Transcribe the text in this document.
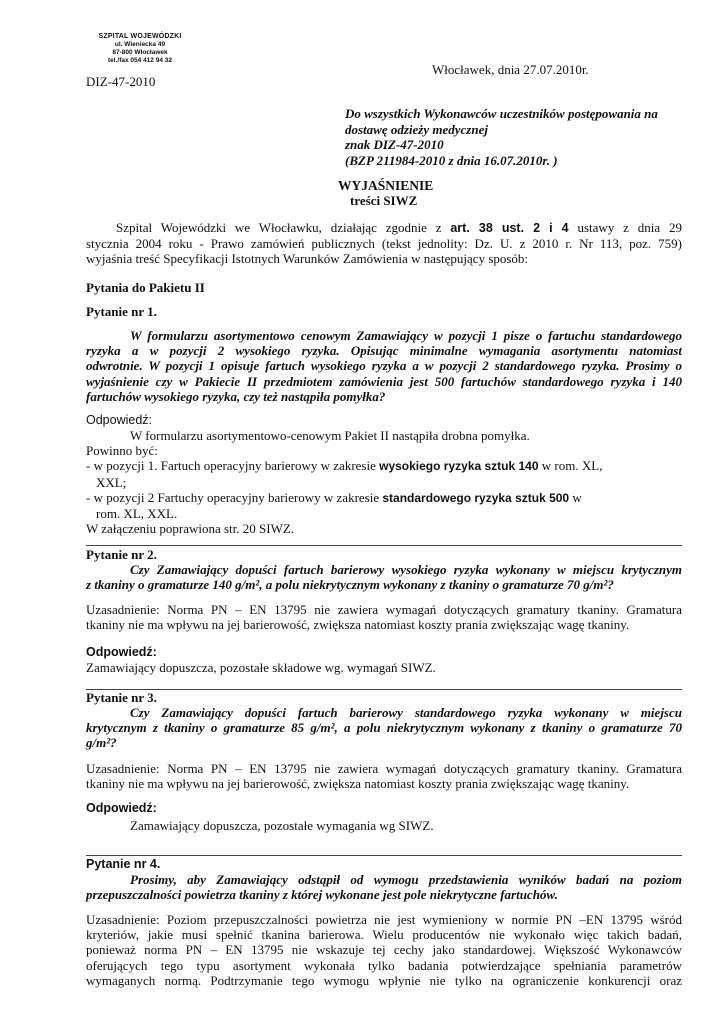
SZPITAL WOJEWÓDZKI
ul. Wienieckа 49
87-800 Włocławek
tel./fax 054 412 94 32
DIZ-47-2010
Włocławek, dnia 27.07.2010r.
Do wszystkich Wykonawców uczestników postępowania na
dostawę odzieży medycznej
znak DIZ-47-2010
(BZP 211984-2010 z dnia 16.07.2010r. )
WYJAŚNIENIE
treści SIWZ
Szpital Wojewódzki we Włocławku, działając zgodnie z art. 38 ust. 2 i 4 ustawy z dnia 29
stycznia 2004 roku - Prawo zamówień publicznych (tekst jednolity: Dz. U. z 2010 r. Nr 113, poz. 759)
wyjaśnia treść Specyfikacji Istotnych Warunków Zamówienia w następujący sposób:
Pytania do Pakietu II
Pytanie nr 1.
W formularzu asortymentowo cenowym Zamawiający w pozycji 1 pisze o fartuchu standardowego
ryzyka a w pozycji 2 wysokiego ryzyka. Opisując minimalne wymagania asortymentu natomiast
odwrotnie. W pozycji 1 opisuje fartuch wysokiego ryzyka a w pozycji 2 standardowego ryzyka. Prosimy o
wyjaśnienie czy w Pakiecie II przedmiotem zamówienia jest 500 fartuchów standardowego ryzyka i 140
fartuchów wysokiego ryzyka, czy też nastąpiła pomyłka?
Odpowiedź:
W formularzu asortymentowo-cenowym Pakiet II nastąpiła drobna pomyłka.
Powinno być:
- w pozycji 1. Fartuch operacyjny barierowy w zakresie wysokiego ryzyka sztuk 140 w rom. XL,
XXL;
- w pozycji 2 Fartuchy operacyjny barierowy w zakresie standardowego ryzyka sztuk 500 w
rom. XL, XXL.
W załączeniu poprawiona str. 20 SIWZ.
Pytanie nr 2.
Czy Zamawiający dopuści fartuch barierowy wysokiego ryzyka wykonany w miejscu krytycznym
z tkaniny o gramaturze 140 g/m², a polu niekrytycznym wykonany z tkaniny o gramaturze 70 g/m²?
Uzasadnienie: Norma PN – EN 13795 nie zawiera wymagań dotyczących gramatury tkaniny. Gramatura
tkaniny nie ma wpływu na jej barierowość, zwiększa natomiast koszty prania zwiększając wagę tkaniny.
Odpowiedź:
Zamawiający dopuszcza, pozostałe składowe wg. wymagań SIWZ.
Pytanie nr 3.
Czy Zamawiający dopuści fartuch barierowy standardowego ryzyka wykonany w miejscu
krytycznym z tkaniny o gramaturze 85 g/m², a polu niekrytycznym wykonany z tkaniny o gramaturze 70
g/m²?
Uzasadnienie: Norma PN – EN 13795 nie zawiera wymagań dotyczących gramatury tkaniny. Gramatura
tkaniny nie ma wpływu na jej barierowość, zwiększa natomiast koszty prania zwiększając wagę tkaniny.
Odpowiedź:
Zamawiający dopuszcza, pozostałe wymagania wg SIWZ.
Pytanie nr 4.
Prosimy, aby Zamawiający odstąpił od wymogu przedstawienia wyników badań na poziom
przepuszczalności powietrza tkaniny z której wykonane jest pole niekrytyczne fartuchów.
Uzasadnienie: Poziom przepuszczalności powietrza nie jest wymieniony w normie PN –EN 13795 wśród
kryteriów, jakie musi spełnić tkanina barierowa. Wielu producentów nie wykonało więc takich badań,
ponieważ norma PN – EN 13795 nie wskazuje tej cechy jako standardowej. Większość Wykonawców
oferujących tego typu asortyment wykonała tylko badania potwierdzające spełniania parametrów
wymaganych normą. Podtrzymanie tego wymogu wpłynie nie tylko na ograniczenie konkurencji oraz
